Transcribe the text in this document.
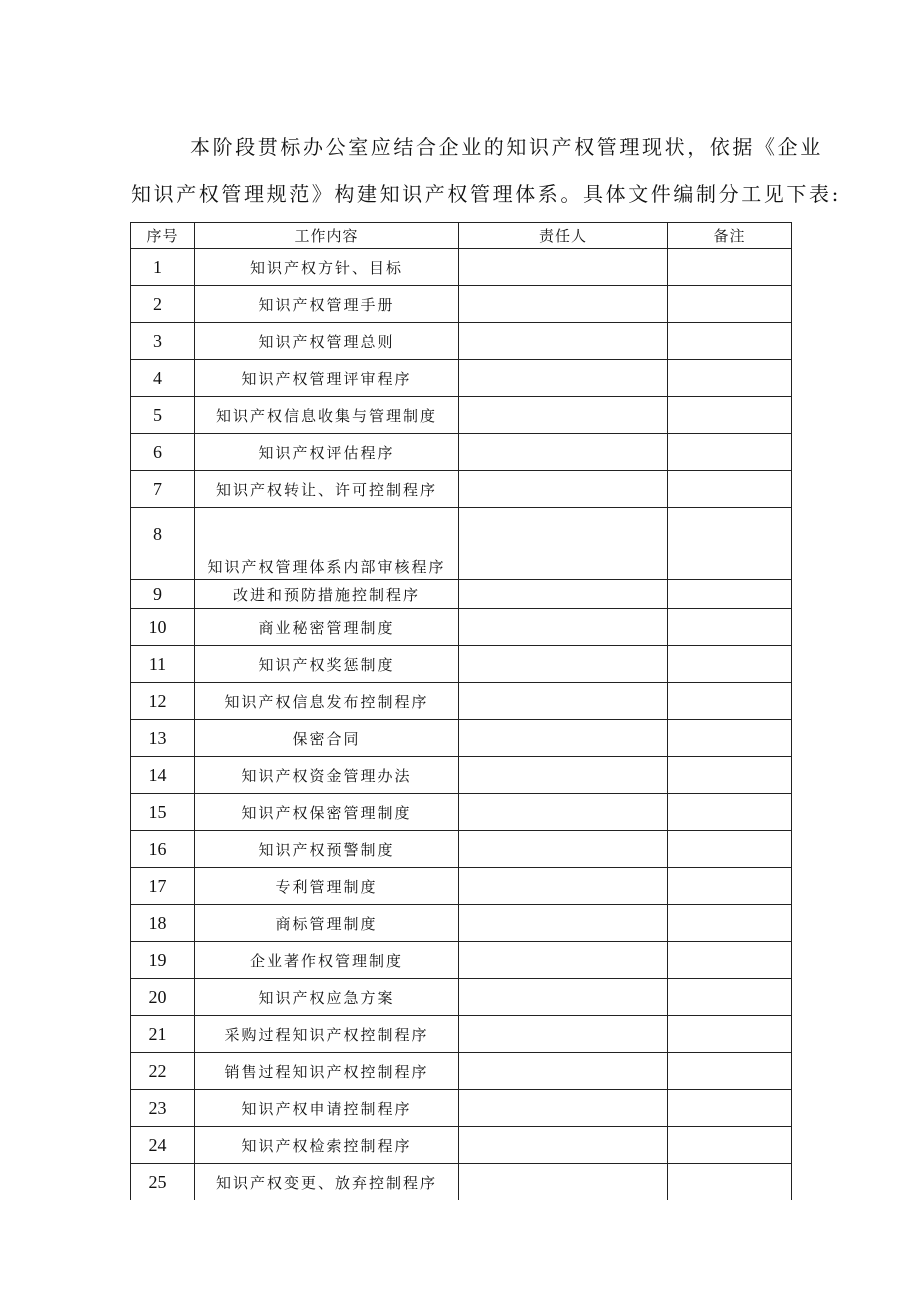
本阶段贯标办公室应结合企业的知识产权管理现状，依据《企业
知识产权管理规范》构建知识产权管理体系。具体文件编制分工见下表:
序号	工作内容	责任人	备注
1	知识产权方针、目标		
2	知识产权管理手册		
3	知识产权管理总则		
4	知识产权管理评审程序		
5	知识产权信息收集与管理制度		
6	知识产权评估程序		
7	知识产权转让、许可控制程序		
8	知识产权管理体系内部审核程序		
9	改进和预防措施控制程序		
10	商业秘密管理制度		
11	知识产权奖惩制度		
12	知识产权信息发布控制程序		
13	保密合同		
14	知识产权资金管理办法		
15	知识产权保密管理制度		
16	知识产权预警制度		
17	专利管理制度		
18	商标管理制度		
19	企业著作权管理制度		
20	知识产权应急方案		
21	采购过程知识产权控制程序		
22	销售过程知识产权控制程序		
23	知识产权申请控制程序		
24	知识产权检索控制程序		
25	知识产权变更、放弃控制程序		
